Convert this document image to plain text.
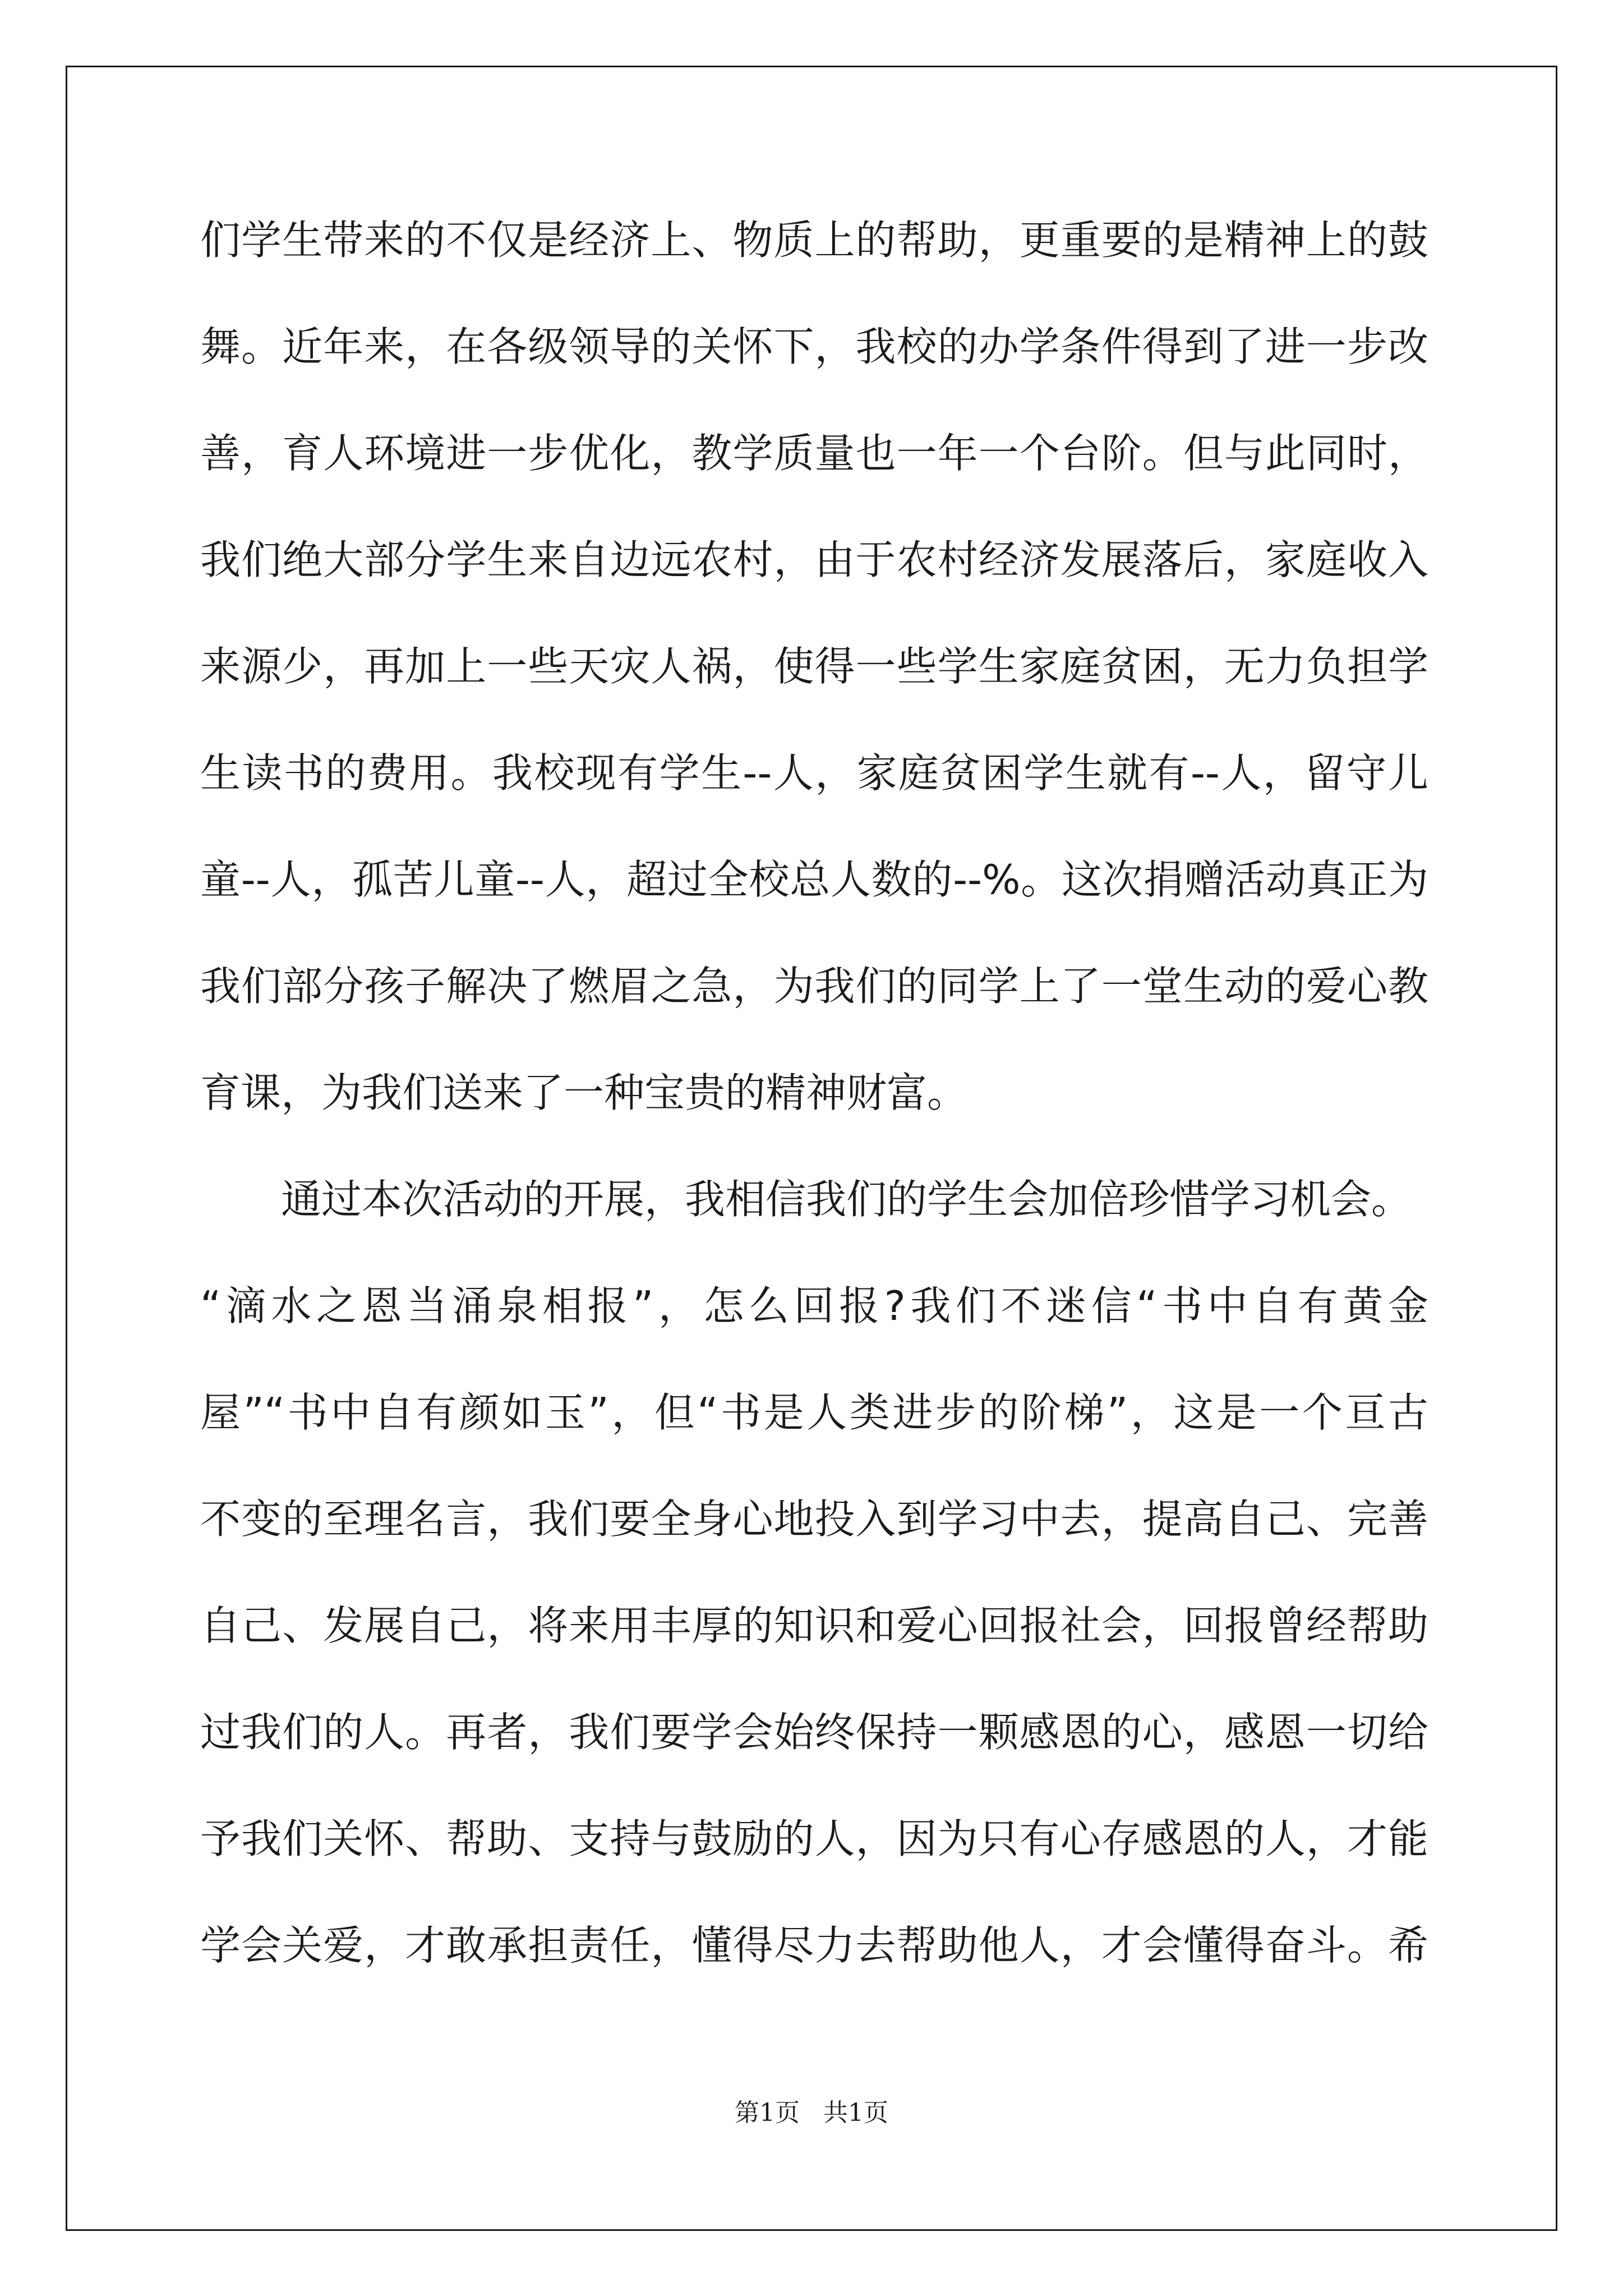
们学生带来的不仅是经济上、物质上的帮助，更重要的是精神上的鼓
舞。近年来，在各级领导的关怀下，我校的办学条件得到了进一步改
善，育人环境进一步优化，教学质量也一年一个台阶。但与此同时，
我们绝大部分学生来自边远农村，由于农村经济发展落后，家庭收入
来源少，再加上一些天灾人祸，使得一些学生家庭贫困，无力负担学
生读书的费用。我校现有学生--人，家庭贫困学生就有--人，留守儿
童--人，孤苦儿童--人，超过全校总人数的--%。这次捐赠活动真正为
我们部分孩子解决了燃眉之急，为我们的同学上了一堂生动的爱心教
育课，为我们送来了一种宝贵的精神财富。
通过本次活动的开展，我相信我们的学生会加倍珍惜学习机会。
“滴水之恩当涌泉相报”，怎么回报?我们不迷信“书中自有黄金
屋”“书中自有颜如玉”，但“书是人类进步的阶梯”，这是一个亘古
不变的至理名言，我们要全身心地投入到学习中去，提高自己、完善
自己、发展自己，将来用丰厚的知识和爱心回报社会，回报曾经帮助
过我们的人。再者，我们要学会始终保持一颗感恩的心，感恩一切给
予我们关怀、帮助、支持与鼓励的人，因为只有心存感恩的人，才能
学会关爱，才敢承担责任，懂得尽力去帮助他人，才会懂得奋斗。希
第1页   共1页
